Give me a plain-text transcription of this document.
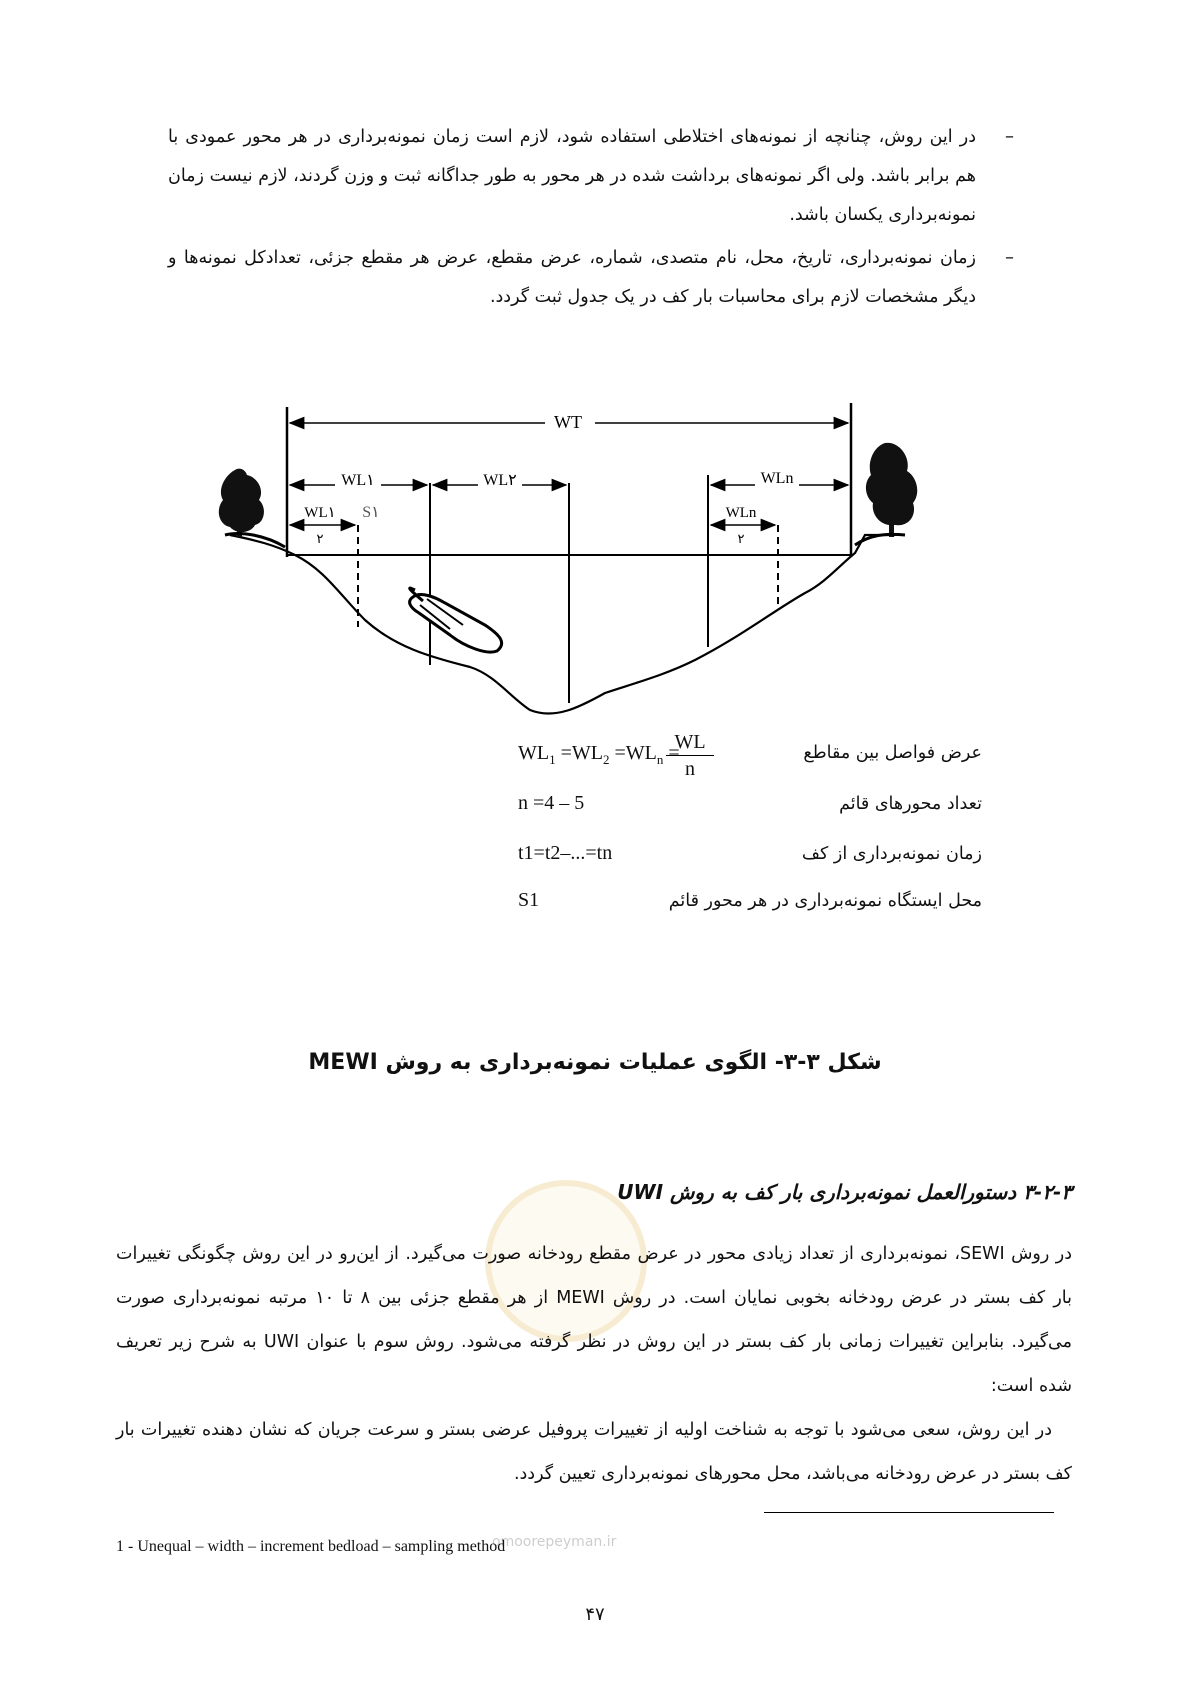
–
در این روش، چنانچه از نمونه‌های اختلاطی استفاده شود، لازم است زمان نمونه‌برداری در هر محور عمودی با هم برابر باشد. ولی اگر نمونه‌های برداشت شده در هر محور به طور جداگانه ثبت و وزن گردند، لازم نیست زمان نمونه‌برداری یکسان باشد.
–
زمان نمونه‌برداری، تاریخ، محل، نام متصدی، شماره، عرض مقطع، عرض هر مقطع جزئی، تعدادکل نمونه‌ها و دیگر مشخصات لازم برای محاسبات بار کف در یک جدول ثبت گردد.
WT
WL۱	WL۲	WLn
WL۱
۲
WLn
۲
S۱
عرض فواصل بین مقاطع
$WL_1 =WL_2 =WL_n$ =
WL
n
تعداد محورهای قائم
n =4 – 5
زمان نمونه‌برداری از کف
t1=t2–...=tn
محل ایستگاه نمونه‌برداری در هر محور قائم
S1
شکل ۳-۳- الگوی عملیات نمونه‌برداری به روش MEWI
omoorepeyman.ir
۳-۲-۳ دستورالعمل نمونه‌برداری بار کف به روش UWI
در روش SEWI، نمونه‌برداری از تعداد زیادی محور در عرض مقطع رودخانه صورت می‌گیرد. از این‌رو در این روش چگونگی تغییرات بار کف بستر در عرض رودخانه بخوبی نمایان است. در روش MEWI از هر مقطع جزئی بین ۸ تا ۱۰ مرتبه نمونه‌برداری صورت می‌گیرد. بنابراین تغییرات زمانی بار کف بستر در این روش در نظر گرفته می‌شود. روش سوم با عنوان UWI به شرح زیر تعریف شده است:
در این روش، سعی می‌شود با توجه به شناخت اولیه از تغییرات پروفیل عرضی بستر و سرعت جریان که نشان دهنده تغییرات بار کف بستر در عرض رودخانه می‌باشد، محل محورهای نمونه‌برداری تعیین گردد.
1 - Unequal – width – increment bedload – sampling method
۴۷
